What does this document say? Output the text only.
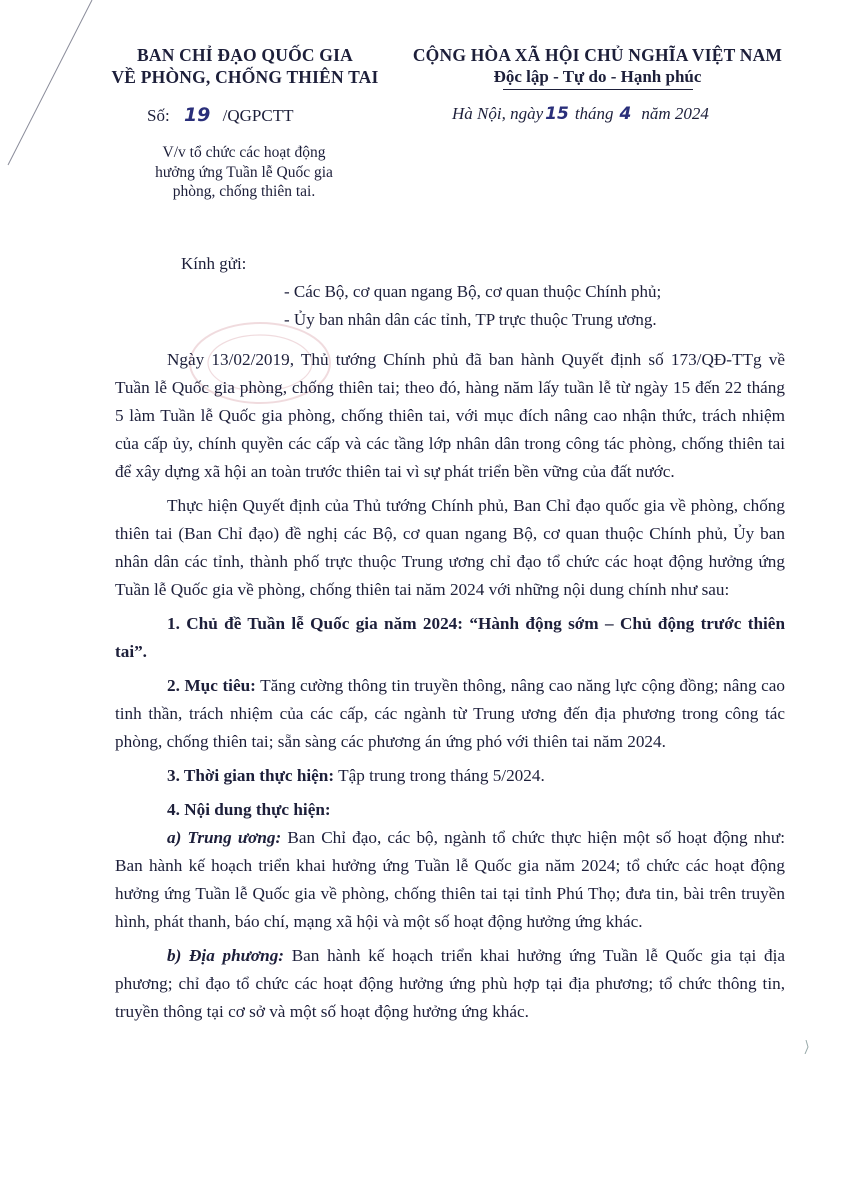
BAN CHỈ ĐẠO QUỐC GIA
VỀ PHÒNG, CHỐNG THIÊN TAI
CỘNG HÒA XÃ HỘI CHỦ NGHĨA VIỆT NAM
Độc lập - Tự do - Hạnh phúc
Số: 19 /QGPCTT	Hà Nội, ngày 15 tháng 4 năm 2024
V/v tổ chức các hoạt động
hưởng ứng Tuần lễ Quốc gia
phòng, chống thiên tai.
Kính gửi:
- Các Bộ, cơ quan ngang Bộ, cơ quan thuộc Chính phủ;
- Ủy ban nhân dân các tỉnh, TP trực thuộc Trung ương.

Ngày 13/02/2019, Thủ tướng Chính phủ đã ban hành Quyết định số 173/QĐ-TTg về Tuần lễ Quốc gia phòng, chống thiên tai; theo đó, hàng năm lấy tuần lễ từ ngày 15 đến 22 tháng 5 làm Tuần lễ Quốc gia phòng, chống thiên tai, với mục đích nâng cao nhận thức, trách nhiệm của cấp ủy, chính quyền các cấp và các tầng lớp nhân dân trong công tác phòng, chống thiên tai để xây dựng xã hội an toàn trước thiên tai vì sự phát triển bền vững của đất nước.

Thực hiện Quyết định của Thủ tướng Chính phủ, Ban Chỉ đạo quốc gia về phòng, chống thiên tai (Ban Chỉ đạo) đề nghị các Bộ, cơ quan ngang Bộ, cơ quan thuộc Chính phủ, Ủy ban nhân dân các tỉnh, thành phố trực thuộc Trung ương chỉ đạo tổ chức các hoạt động hưởng ứng Tuần lễ Quốc gia về phòng, chống thiên tai năm 2024 với những nội dung chính như sau:

1. Chủ đề Tuần lễ Quốc gia năm 2024: “Hành động sớm – Chủ động trước thiên tai”.

2. Mục tiêu: Tăng cường thông tin truyền thông, nâng cao năng lực cộng đồng; nâng cao tinh thần, trách nhiệm của các cấp, các ngành từ Trung ương đến địa phương trong công tác phòng, chống thiên tai; sẵn sàng các phương án ứng phó với thiên tai năm 2024.

3. Thời gian thực hiện: Tập trung trong tháng 5/2024.

4. Nội dung thực hiện:

a) Trung ương: Ban Chỉ đạo, các bộ, ngành tổ chức thực hiện một số hoạt động như: Ban hành kế hoạch triển khai hưởng ứng Tuần lễ Quốc gia năm 2024; tổ chức các hoạt động hưởng ứng Tuần lễ Quốc gia về phòng, chống thiên tai tại tỉnh Phú Thọ; đưa tin, bài trên truyền hình, phát thanh, báo chí, mạng xã hội và một số hoạt động hưởng ứng khác.

b) Địa phương: Ban hành kế hoạch triển khai hưởng ứng Tuần lễ Quốc gia tại địa phương; chỉ đạo tổ chức các hoạt động hưởng ứng phù hợp tại địa phương; tổ chức thông tin, truyền thông tại cơ sở và một số hoạt động hưởng ứng khác.
